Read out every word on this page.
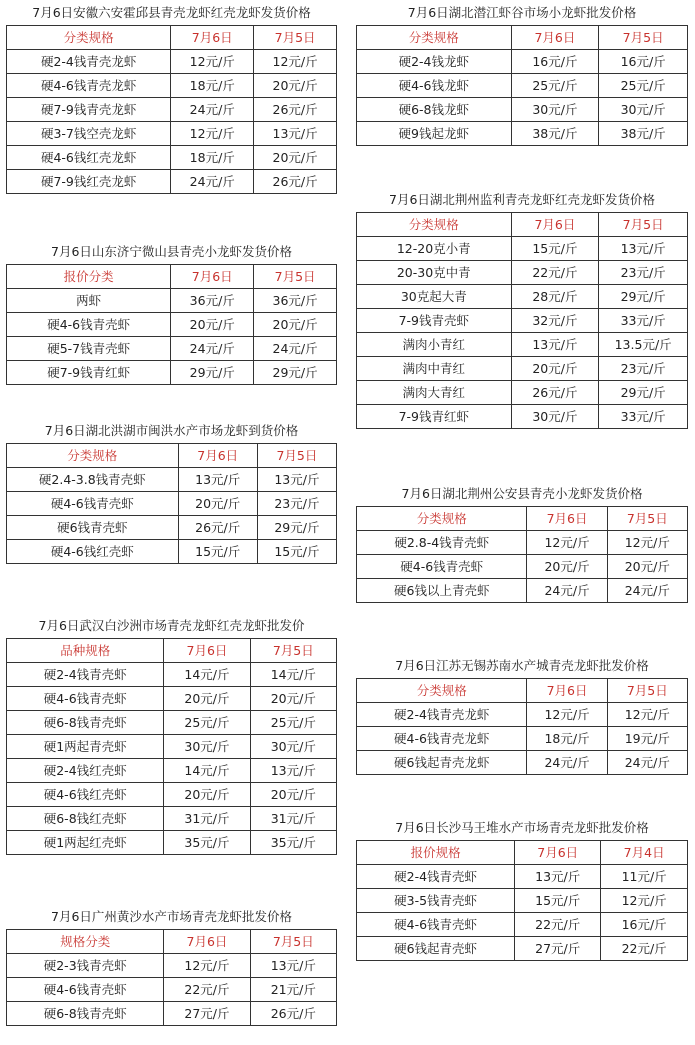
7月6日安徽六安霍邱县青壳龙虾红壳龙虾发货价格
分类规格	7月6日	7月5日
硬2-4钱青壳龙虾	12元/斤	12元/斤
硬4-6钱青壳龙虾	18元/斤	20元/斤
硬7-9钱青壳龙虾	24元/斤	26元/斤
硬3-7钱空壳龙虾	12元/斤	13元/斤
硬4-6钱红壳龙虾	18元/斤	20元/斤
硬7-9钱红壳龙虾	24元/斤	26元/斤
7月6日山东济宁微山县青壳小龙虾发货价格
报价分类	7月6日	7月5日
两虾	36元/斤	36元/斤
硬4-6钱青壳虾	20元/斤	20元/斤
硬5-7钱青壳虾	24元/斤	24元/斤
硬7-9钱青红虾	29元/斤	29元/斤
7月6日湖北洪湖市闽洪水产市场龙虾到货价格
分类规格	7月6日	7月5日
硬2.4-3.8钱青壳虾	13元/斤	13元/斤
硬4-6钱青壳虾	20元/斤	23元/斤
硬6钱青壳虾	26元/斤	29元/斤
硬4-6钱红壳虾	15元/斤	15元/斤
7月6日武汉白沙洲市场青壳龙虾红壳龙虾批发价
品种规格	7月6日	7月5日
硬2-4钱青壳虾	14元/斤	14元/斤
硬4-6钱青壳虾	20元/斤	20元/斤
硬6-8钱青壳虾	25元/斤	25元/斤
硬1两起青壳虾	30元/斤	30元/斤
硬2-4钱红壳虾	14元/斤	13元/斤
硬4-6钱红壳虾	20元/斤	20元/斤
硬6-8钱红壳虾	31元/斤	31元/斤
硬1两起红壳虾	35元/斤	35元/斤
7月6日广州黄沙水产市场青壳龙虾批发价格
规格分类	7月6日	7月5日
硬2-3钱青壳虾	12元/斤	13元/斤
硬4-6钱青壳虾	22元/斤	21元/斤
硬6-8钱青壳虾	27元/斤	26元/斤
7月6日湖北潜江虾谷市场小龙虾批发价格
分类规格	7月6日	7月5日
硬2-4钱龙虾	16元/斤	16元/斤
硬4-6钱龙虾	25元/斤	25元/斤
硬6-8钱龙虾	30元/斤	30元/斤
硬9钱起龙虾	38元/斤	38元/斤
7月6日湖北荆州监利青壳龙虾红壳龙虾发货价格
分类规格	7月6日	7月5日
12-20克小青	15元/斤	13元/斤
20-30克中青	22元/斤	23元/斤
30克起大青	28元/斤	29元/斤
7-9钱青壳虾	32元/斤	33元/斤
满肉小青红	13元/斤	13.5元/斤
满肉中青红	20元/斤	23元/斤
满肉大青红	26元/斤	29元/斤
7-9钱青红虾	30元/斤	33元/斤
7月6日湖北荆州公安县青壳小龙虾发货价格
分类规格	7月6日	7月5日
硬2.8-4钱青壳虾	12元/斤	12元/斤
硬4-6钱青壳虾	20元/斤	20元/斤
硬6钱以上青壳虾	24元/斤	24元/斤
7月6日江苏无锡苏南水产城青壳龙虾批发价格
分类规格	7月6日	7月5日
硬2-4钱青壳龙虾	12元/斤	12元/斤
硬4-6钱青壳龙虾	18元/斤	19元/斤
硬6钱起青壳龙虾	24元/斤	24元/斤
7月6日长沙马王堆水产市场青壳龙虾批发价格
报价规格	7月6日	7月4日
硬2-4钱青壳虾	13元/斤	11元/斤
硬3-5钱青壳虾	15元/斤	12元/斤
硬4-6钱青壳虾	22元/斤	16元/斤
硬6钱起青壳虾	27元/斤	22元/斤
